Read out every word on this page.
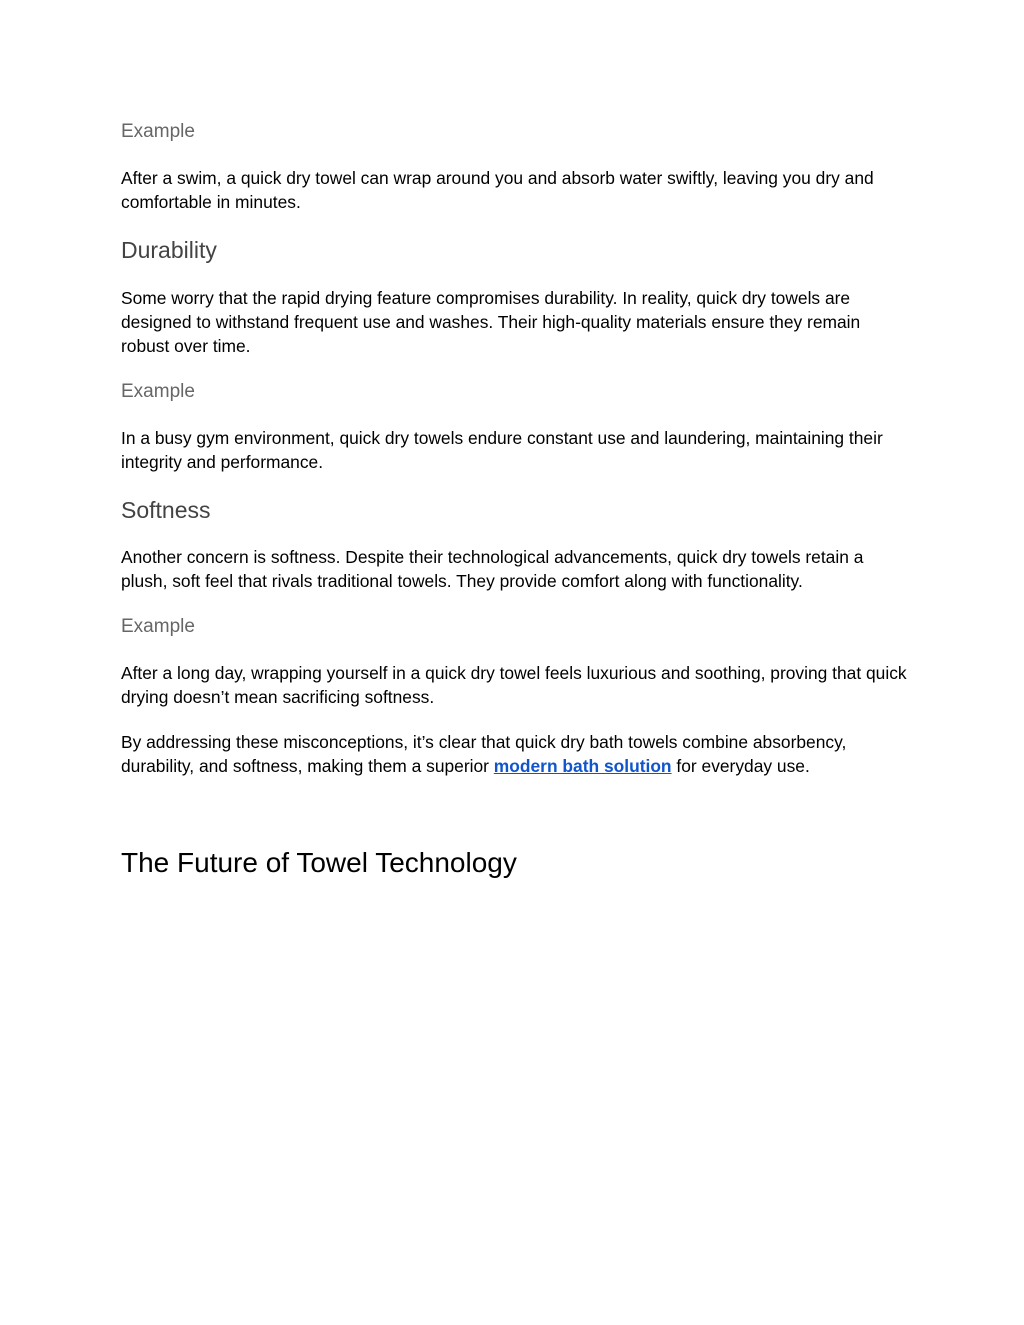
Example
After a swim, a quick dry towel can wrap around you and absorb water swiftly, leaving you dry and comfortable in minutes.
Durability
Some worry that the rapid drying feature compromises durability. In reality, quick dry towels are designed to withstand frequent use and washes. Their high-quality materials ensure they remain robust over time.
Example
In a busy gym environment, quick dry towels endure constant use and laundering, maintaining their integrity and performance.
Softness
Another concern is softness. Despite their technological advancements, quick dry towels retain a plush, soft feel that rivals traditional towels. They provide comfort along with functionality.
Example
After a long day, wrapping yourself in a quick dry towel feels luxurious and soothing, proving that quick drying doesn’t mean sacrificing softness.
By addressing these misconceptions, it’s clear that quick dry bath towels combine absorbency, durability, and softness, making them a superior modern bath solution for everyday use.
The Future of Towel Technology
